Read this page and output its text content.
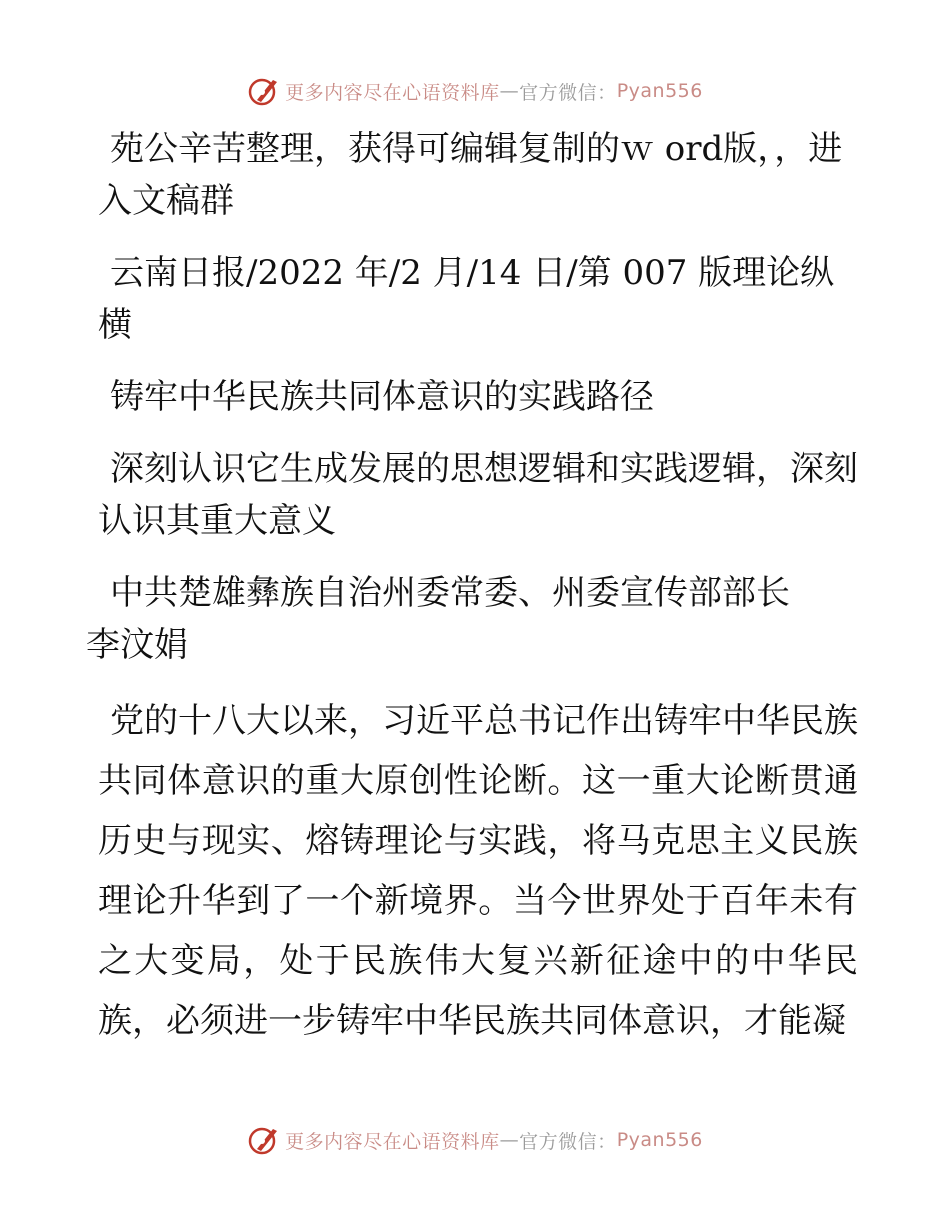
更多内容尽在心语资料库 — 官方微信： Pyan556

苑公辛苦整理，获得可编辑复制的ｗ ord版，，进入文稿群

云南日报/2022 年/2 月/14 日/第 007 版理论纵横

铸牢中华民族共同体意识的实践路径

深刻认识它生成发展的思想逻辑和实践逻辑，深刻认识其重大意义

中共楚雄彝族自治州委常委、州委宣传部部长
李汶娟

党的十八大以来，习近平总书记作出铸牢中华民族共同体意识的重大原创性论断。这一重大论断贯通历史与现实、熔铸理论与实践，将马克思主义民族理论升华到了一个新境界。当今世界处于百年未有之大变局，处于民族伟大复兴新征途中的中华民族，必须进一步铸牢中华民族共同体意识，才能凝

更多内容尽在心语资料库 — 官方微信： Pyan556
